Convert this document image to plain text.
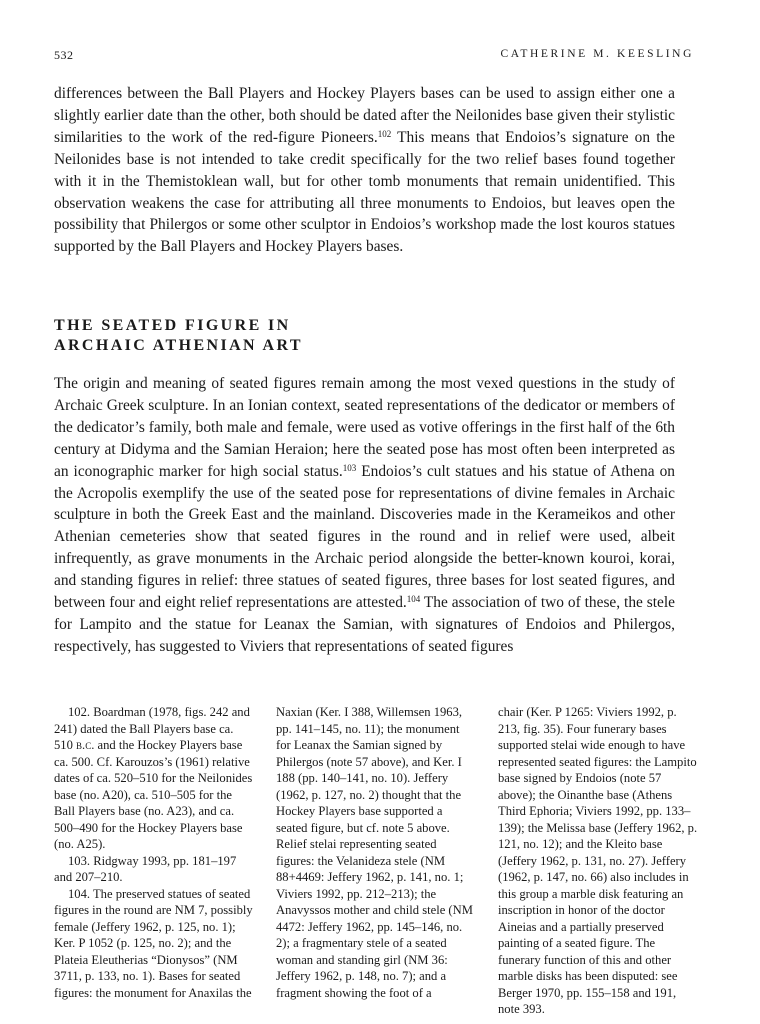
532	CATHERINE M. KEESLING

differences between the Ball Players and Hockey Players bases can be used to assign either one a slightly earlier date than the other, both should be dated after the Neilonides base given their stylistic similarities to the work of the red-figure Pioneers.$^{102}$ This means that Endoios’s signature on the Neilonides base is not intended to take credit specifically for the two relief bases found together with it in the Themistoklean wall, but for other tomb monuments that remain unidentified. This observation weakens the case for attributing all three monuments to Endoios, but leaves open the possibility that Philergos or some other sculptor in Endoios’s workshop made the lost kouros statues supported by the Ball Players and Hockey Players bases.

THE SEATED FIGURE IN
ARCHAIC ATHENIAN ART

The origin and meaning of seated figures remain among the most vexed questions in the study of Archaic Greek sculpture. In an Ionian context, seated representations of the dedicator or members of the dedicator’s family, both male and female, were used as votive offerings in the first half of the 6th century at Didyma and the Samian Heraion; here the seated pose has most often been interpreted as an iconographic marker for high social status.$^{103}$ Endoios’s cult statues and his statue of Athena on the Acropolis exemplify the use of the seated pose for representations of divine females in Archaic sculpture in both the Greek East and the mainland. Discoveries made in the Kerameikos and other Athenian cemeteries show that seated figures in the round and in relief were used, albeit infrequently, as grave monuments in the Archaic period alongside the better-known kouroi, korai, and standing figures in relief: three statues of seated figures, three bases for lost seated figures, and between four and eight relief representations are attested.$^{104}$ The association of two of these, the stele for Lampito and the statue for Leanax the Samian, with signatures of Endoios and Philergos, respectively, has suggested to Viviers that representations of seated figures

102. Boardman (1978, figs. 242 and 241) dated the Ball Players base ca. 510 b.c. and the Hockey Players base ca. 500. Cf. Karouzos’s (1961) relative dates of ca. 520–510 for the Neilonides base (no. A20), ca. 510–505 for the Ball Players base (no. A23), and ca. 500–490 for the Hockey Players base (no. A25).

103. Ridgway 1993, pp. 181–197 and 207–210.

104. The preserved statues of seated figures in the round are NM 7, possibly female (Jeffery 1962, p. 125, no. 1); Ker. P 1052 (p. 125, no. 2); and the Plateia Eleutherias “Dionysos” (NM 3711, p. 133, no. 1). Bases for seated figures: the monument for Anaxilas the

Naxian (Ker. I 388, Willemsen 1963, pp. 141–145, no. 11); the monument for Leanax the Samian signed by Philergos (note 57 above), and Ker. I 188 (pp. 140–141, no. 10). Jeffery (1962, p. 127, no. 2) thought that the Hockey Players base supported a seated figure, but cf. note 5 above. Relief stelai representing seated figures: the Velanideza stele (NM 88+4469: Jeffery 1962, p. 141, no. 1; Viviers 1992, pp. 212–213); the Anavyssos mother and child stele (NM 4472: Jeffery 1962, pp. 145–146, no. 2); a fragmentary stele of a seated woman and standing girl (NM 36: Jeffery 1962, p. 148, no. 7); and a fragment showing the foot of a

chair (Ker. P 1265: Viviers 1992, p. 213, fig. 35). Four funerary bases supported stelai wide enough to have represented seated figures: the Lampito base signed by Endoios (note 57 above); the Oinanthe base (Athens Third Ephoria; Viviers 1992, pp. 133–139); the Melissa base (Jeffery 1962, p. 121, no. 12); and the Kleito base (Jeffery 1962, p. 131, no. 27). Jeffery (1962, p. 147, no. 66) also includes in this group a marble disk featuring an inscription in honor of the doctor Aineias and a partially preserved painting of a seated figure. The funerary function of this and other marble disks has been disputed: see Berger 1970, pp. 155–158 and 191, note 393.
